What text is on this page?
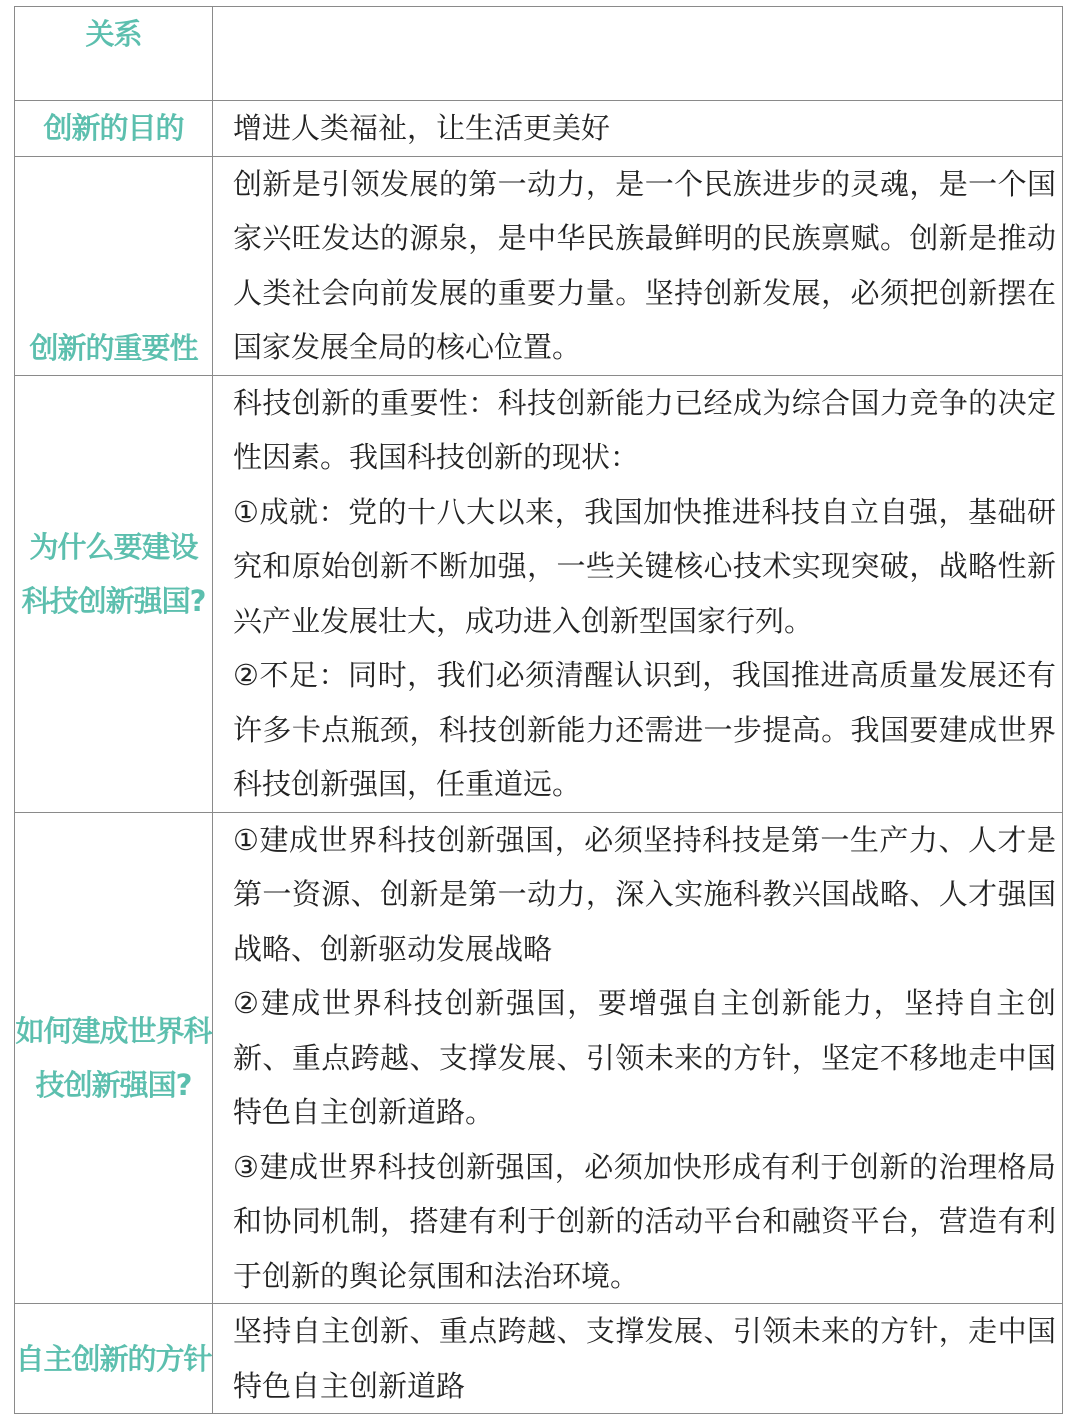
关系	
创新的目的	增进人类福祉，让生活更美好

创新的重要性	创新是引领发展的第一动力，是一个民族进步的灵魂，是一个国家兴旺发达的源泉，是中华民族最鲜明的民族禀赋。创新是推动人类社会向前发展的重要力量。坚持创新发展，必须把创新摆在国家发展全局的核心位置。

为什么要建设科技创新强国?	科技创新的重要性：科技创新能力已经成为综合国力竞争的决定性因素。我国科技创新的现状：
①成就：党的十八大以来，我国加快推进科技自立自强，基础研究和原始创新不断加强，一些关键核心技术实现突破，战略性新兴产业发展壮大，成功进入创新型国家行列。
②不足：同时，我们必须清醒认识到，我国推进高质量发展还有许多卡点瓶颈，科技创新能力还需进一步提高。我国要建成世界科技创新强国，任重道远。

如何建成世界科技创新强国?	①建成世界科技创新强国，必须坚持科技是第一生产力、人才是第一资源、创新是第一动力，深入实施科教兴国战略、人才强国战略、创新驱动发展战略
②建成世界科技创新强国，要增强自主创新能力，坚持自主创新、重点跨越、支撑发展、引领未来的方针，坚定不移地走中国特色自主创新道路。
③建成世界科技创新强国，必须加快形成有利于创新的治理格局和协同机制，搭建有利于创新的活动平台和融资平台，营造有利于创新的舆论氛围和法治环境。

自主创新的方针	坚持自主创新、重点跨越、支撑发展、引领未来的方针，走中国特色自主创新道路
